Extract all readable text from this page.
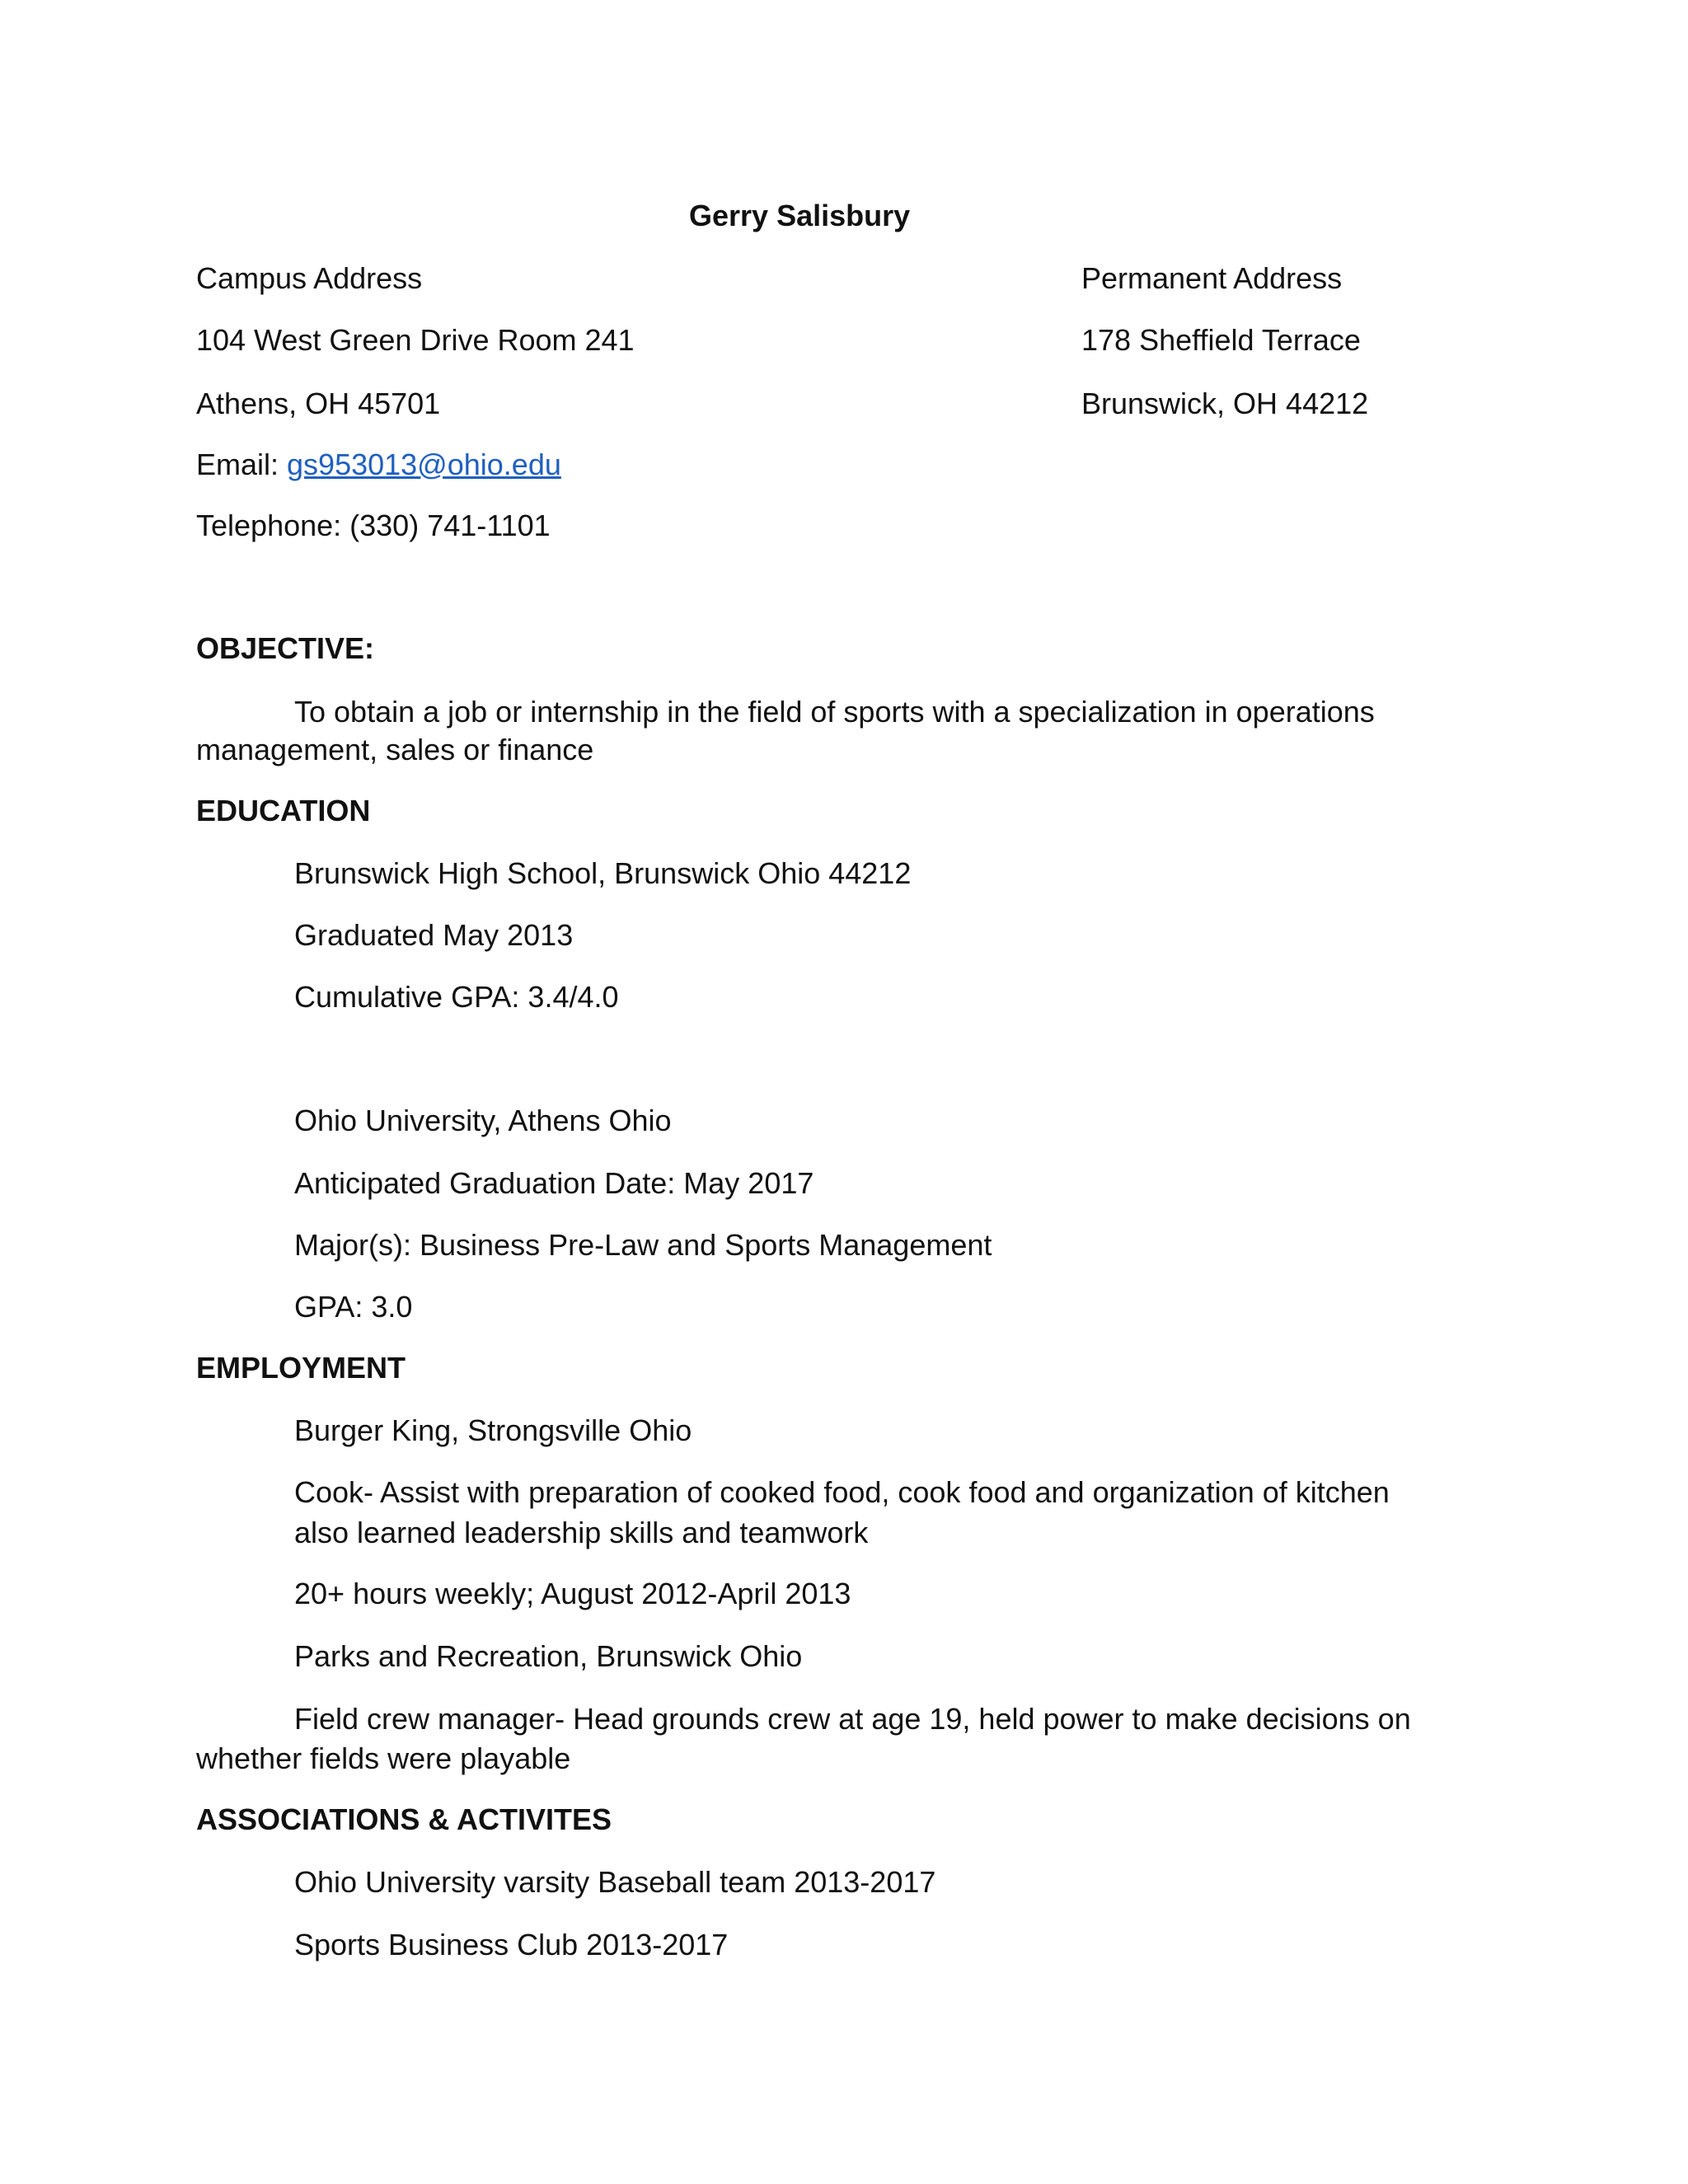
Gerry Salisbury
Campus Address
104 West Green Drive Room 241
Athens, OH 45701
Permanent Address
178 Sheffield Terrace
Brunswick, OH 44212
Email: gs953013@ohio.edu
Telephone: (330) 741-1101
OBJECTIVE:
To obtain a job or internship in the field of sports with a specialization in operations
management, sales or finance
EDUCATION
Brunswick High School, Brunswick Ohio 44212
Graduated May 2013
Cumulative GPA: 3.4/4.0
Ohio University, Athens Ohio
Anticipated Graduation Date: May 2017
Major(s): Business Pre-Law and Sports Management
GPA: 3.0
EMPLOYMENT
Burger King, Strongsville Ohio
Cook- Assist with preparation of cooked food, cook food and organization of kitchen
also learned leadership skills and teamwork
20+ hours weekly; August 2012-April 2013
Parks and Recreation, Brunswick Ohio
Field crew manager- Head grounds crew at age 19, held power to make decisions on
whether fields were playable
ASSOCIATIONS & ACTIVITES
Ohio University varsity Baseball team 2013-2017
Sports Business Club 2013-2017
